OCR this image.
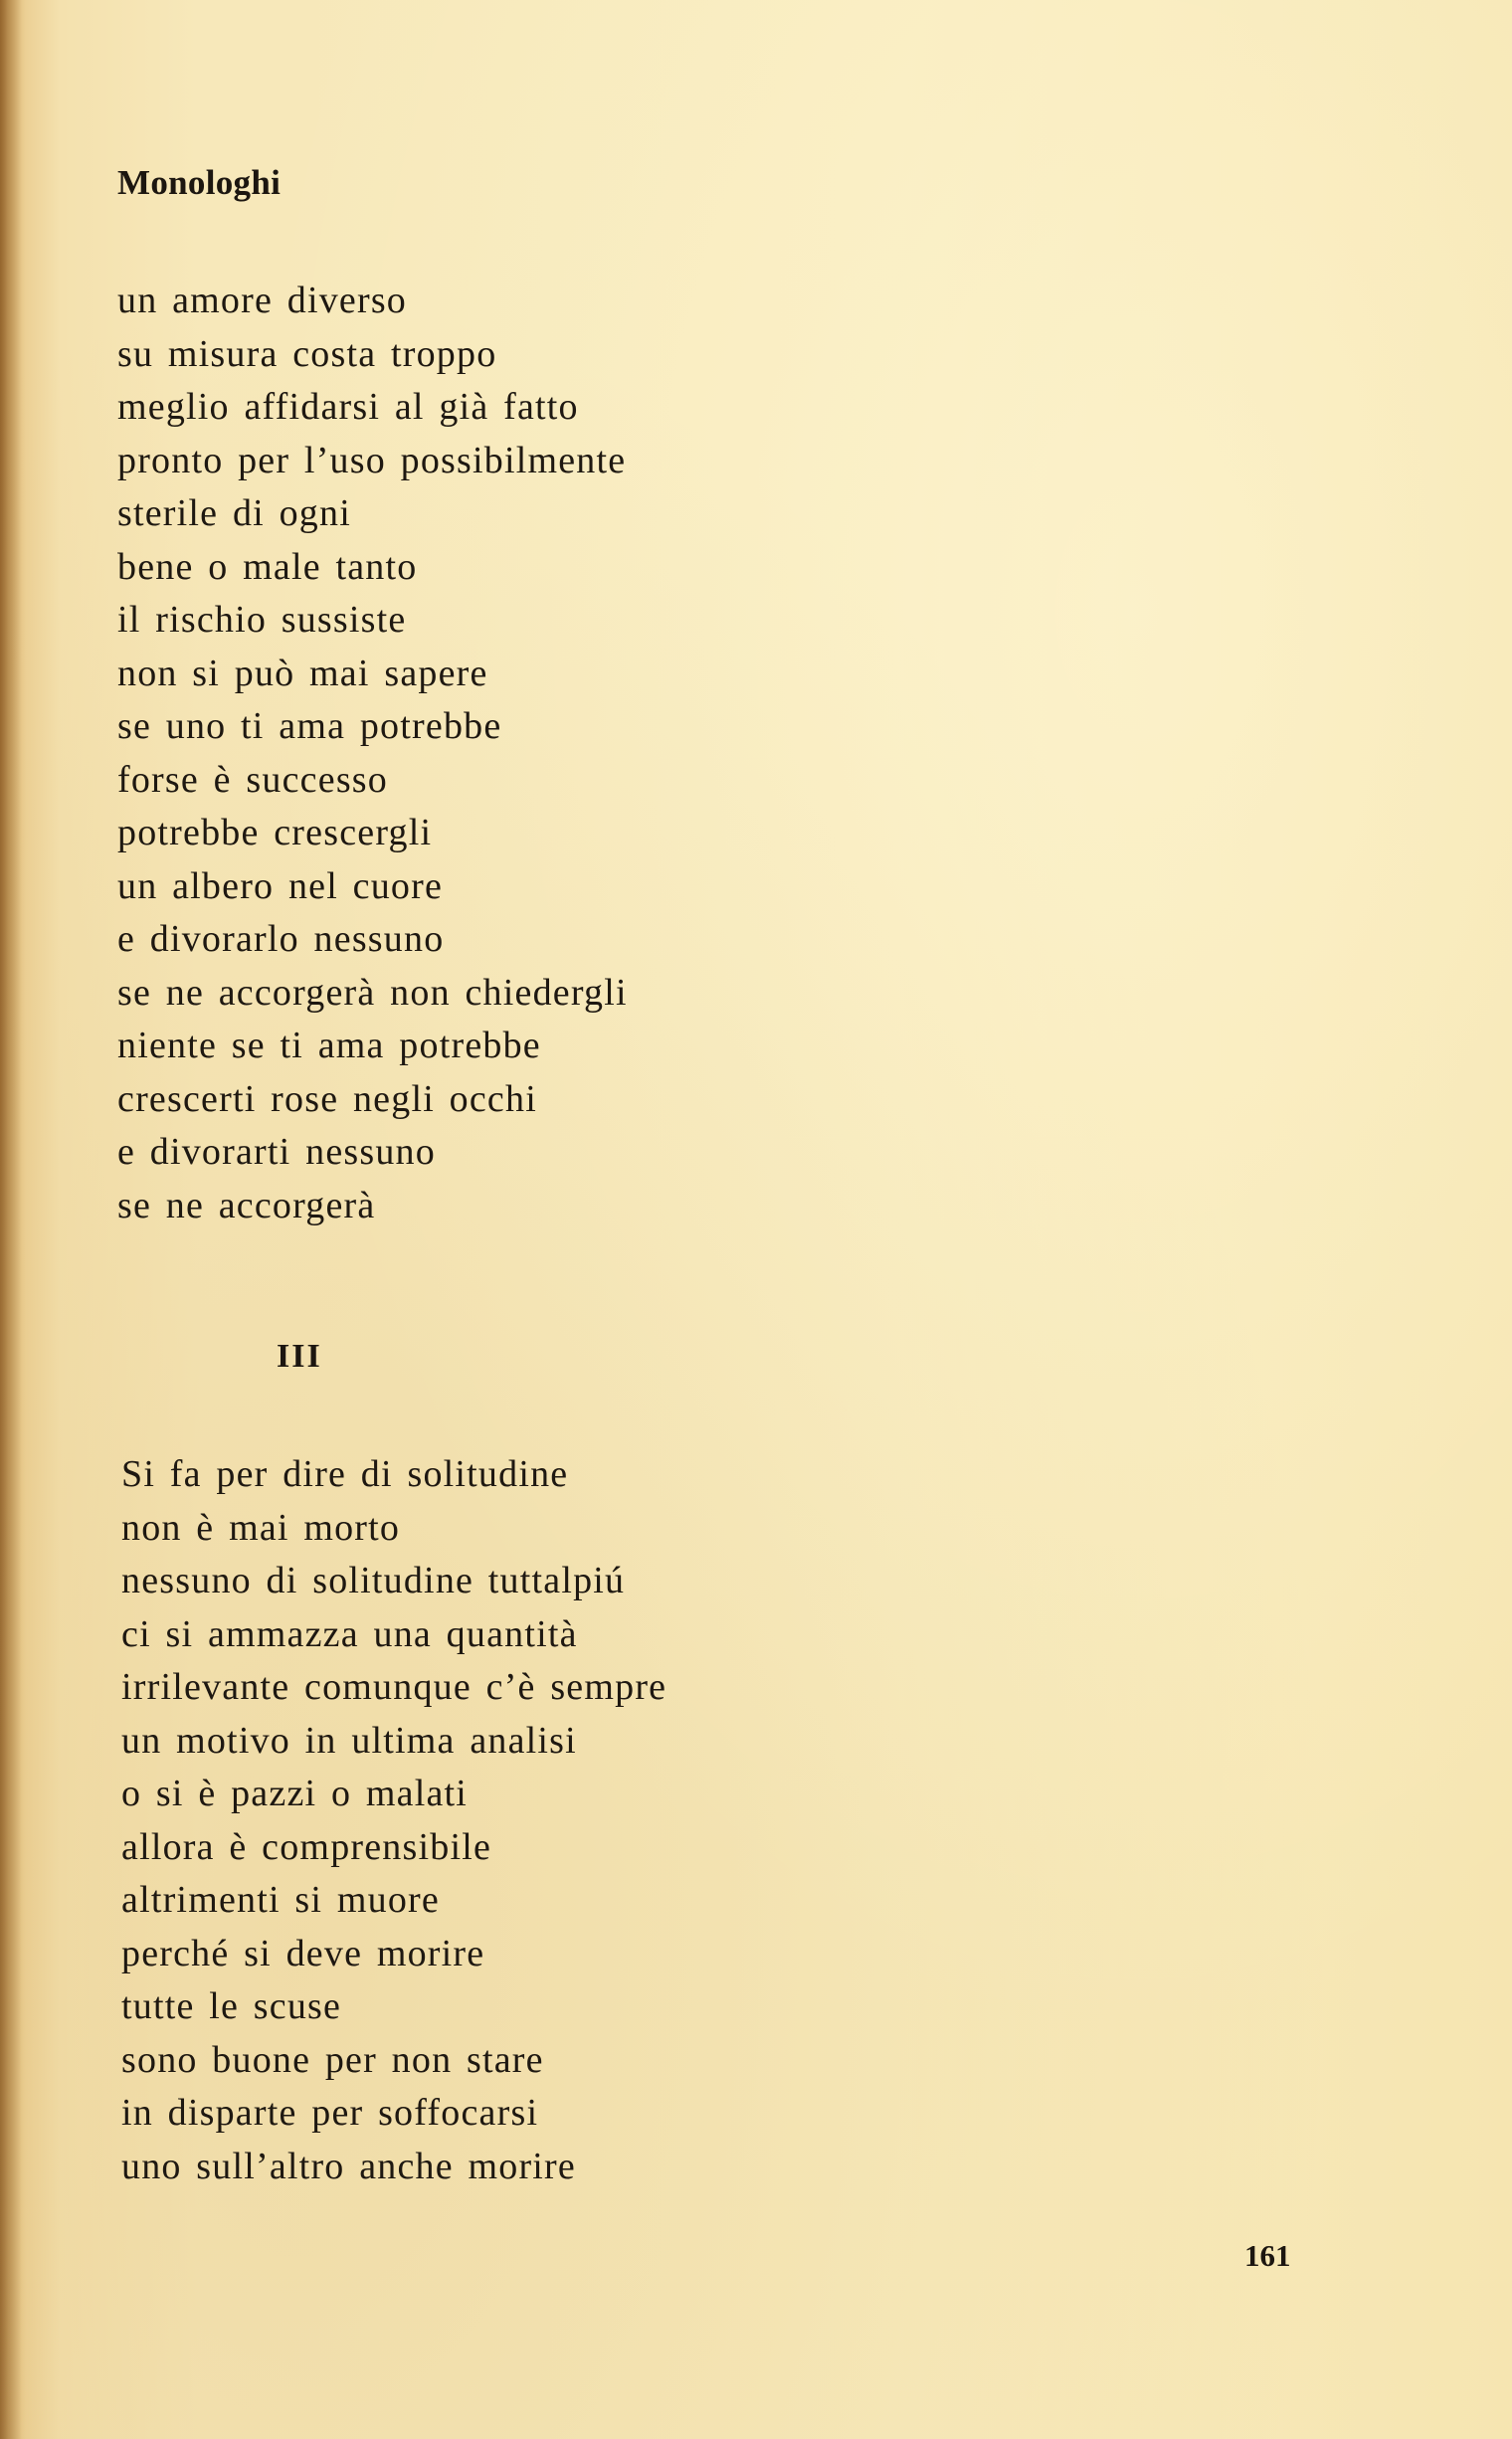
Monologhi
un amore diverso
su misura costa troppo
meglio affidarsi al già fatto
pronto per l’uso possibilmente
sterile di ogni
bene o male tanto
il rischio sussiste
non si può mai sapere
se uno ti ama potrebbe
forse è successo
potrebbe crescergli
un albero nel cuore
e divorarlo nessuno
se ne accorgerà non chiedergli
niente se ti ama potrebbe
crescerti rose negli occhi
e divorarti nessuno
se ne accorgerà
III
Si fa per dire di solitudine
non è mai morto
nessuno di solitudine tuttalpiú
ci si ammazza una quantità
irrilevante comunque c’è sempre
un motivo in ultima analisi
o si è pazzi o malati
allora è comprensibile
altrimenti si muore
perché si deve morire
tutte le scuse
sono buone per non stare
in disparte per soffocarsi
uno sull’altro anche morire
161
